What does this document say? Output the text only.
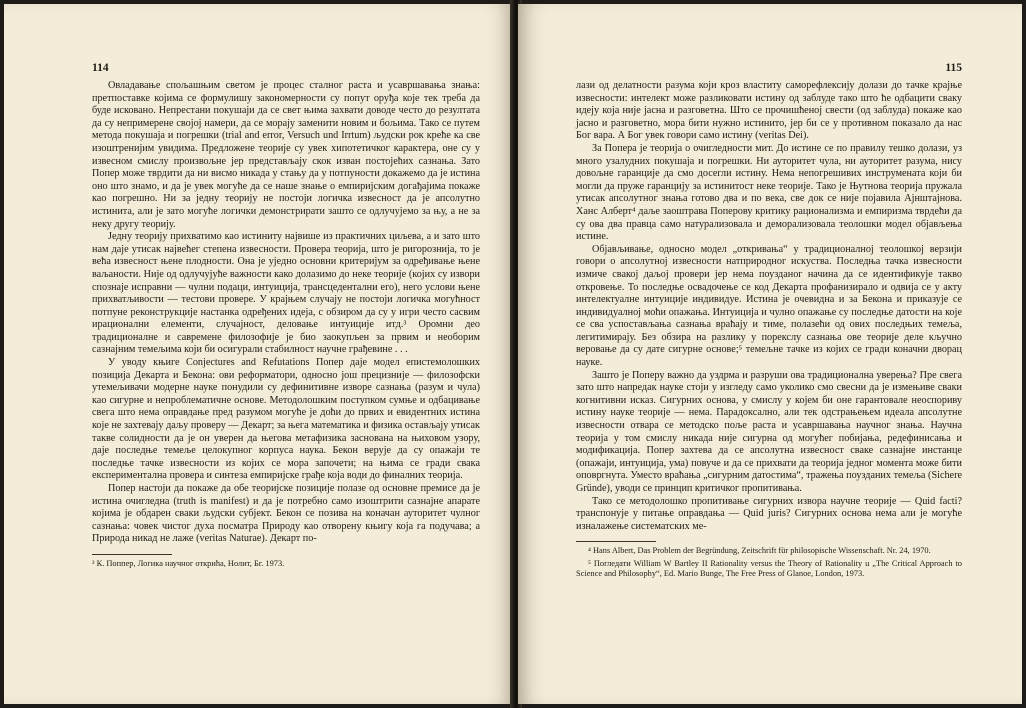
114

Овладавање спољашњим светом је процес сталног раста и усавршавања знања: претпоставке којима се формулишу закономерности су попут оруђа које тек треба да буде исковано. Непрестани покушаји да се свет њима захвати доводе често до резултата да су непримерене својој намери, да се морају заменити новим и бољима. Тако се путем метода покушаја и погрешки (trial and error, Versuch und Irrtum) људски рок креће ка све изоштренијим увидима. Предложене теорије су увек хипотетичког карактера, оне су у извесном смислу произвољне јер представљају скок изван постојећих сазнања. Зато Попер може тврдити да ни висмо никада у стању да у потпуности докажемо да је истина оно што знамо, и да је увек могуће да се наше знање о емпиријским догађајима покаже као погрешно. Ни за једну теорију не постоји логичка извесност да је апсолутно истинита, али је зато могуће логички демонстрирати зашто се одлучујемо за њу, а не за неку другу теорију.

Једну теорију прихватимо као истиниту највише из практичних циљева, а и зато што нам даје утисак највећег степена извесности. Провера теорија, што је ригорознија, то је већа извесност њене плодности. Она је уједно основни критеријум за одређивање њене ваљаности. Није од одлучујуће важности како долазимо до неке теорије (којих су извори спознаје исправни — чулни подаци, интуиција, трансцедентални его), него услови њене прихватљивости — тестови провере. У крајњем случају не постоји логичка могућност потпуне реконструкције настанка одређених идеја, с обзиром да су у игри често сасвим ирационални елементи, случајност, деловање интуиције итд.³ Оромни део традиционалне и савремене филозофије је био заокупљен за првим и необорим сазнајним темељима који би осигурали стабилност научне грађевине . . .

У уводу књиге Conjectures and Refutations Попер даје модел епистемолошких позиција Декарта и Бекона: ови реформатори, односно још прецизније — филозофски утемељивачи модерне науке понудили су дефинитивне изворе сазнања (разум и чула) као сигурне и непроблематичне основе. Методолошким поступком сумње и одбацивање свега што нема оправдање пред разумом могуће је доћи до првих и евидентних истина које не захтевају даљу проверу — Декарт; за њега математика и физика остављају утисак такве солидности да је он уверен да његова метафизика заснована на њиховом узору, даје последње темеље целокупног корпуса наука. Бекон верује да су опажаји те последње тачке извесности из којих се мора започети; на њима се гради свака експериментална провера и синтеза емпиријске грађе која води до финалних теорија.

Попер настоји да покаже да обе теоријске позиције полазе од основне премисе да је истина очигледна (truth is manifest) и да је потребно само изоштрити сазнајне апарате којима је обдарен сваки људски субјект. Бекон се позива на коначан ауторитет чулног сазнања: човек чистог духа посматра Природу као отворену књигу која га подучава; а Природа никад не лаже (veritas Naturae). Декарт по-

³ К. Поппер, Логика научног открића, Нолит, Бг. 1973.

115

лази од делатности разума који кроз властиту саморефлексију долази до тачке крајње извесности: интелект може разликовати истину од заблуде тако што ће одбацити сваку идеју која није јасна и разговетна. Што се прочишћеној свести (од заблуда) покаже као јасно и разговетно, мора бити нужно истинито, јер би се у противном показало да нас Бог вара. А Бог увек говори само истину (veritas Dei).

За Попера је теорија о очигледности мит. До истине се по правилу тешко долази, уз много узалудних покушаја и погрешки. Ни ауторитет чула, ни ауторитет разума, нису довољне гаранције да смо досегли истину. Нема непогрешивих инструмената који би могли да пруже гаранцију за истинитост неке теорије. Тако је Њутнова теорија пружала утисак апсолутног знања готово два и по века, све док се није појавила Ајнштајнова. Ханс Алберт⁴ даље заоштрава Поперову критику рационализма и емпиризма тврдећи да су ова два правца само натурализовала и деморализовала теолошки модел објављења истине.

Објављивање, односно модел „откривања“ у традиционалној теолошкој верзији говори о апсолутној извесности натприродног искуства. Последња тачка извесности измиче свакој даљој провери јер нема поузданог начина да се идентификује такво откровење. То последње освадочење се код Декарта профанизирало и одвија се у акту интелектуалне интуиције индивидуе. Истина је очевидна и за Бекона и приказује се индивидуалној моћи опажања. Интуиција и чулно опажање су последње датости на које се сва успостављања сазнања враћају и тиме, полазећи од ових последњих темеља, легитимирају. Без обзира на разлику у порекслу сазнања ове теорије деле кључно веровање да су дате сигурне основе;⁵ темељне тачке из којих се гради коначни дворац науке.

Зашто је Поперу важно да уздрма и разруши ова традиционална уверења? Пре свега зато што напредак науке стоји у изгледу само уколико смо свесни да је измењиве сваки когнитивни исказ. Сигурних основа, у смислу у којем би оне гарантовале неоспориву истину науке теорије — нема. Парадоксално, али тек одстрањењем идеала апсолутне извесности отвара се методско поље раста и усавршавања научног знања. Научна теорија у том смислу никада није сигурна од могућег побијања, редефинисања и модификација. Попер захтева да се апсолутна извесност сваке сазнајне инстанце (опажаји, интуиција, ума) повуче и да се прихвати да теорија једног момента може бити оповргнута. Уместо враћања „сигурним датостима“, тражења поузданих темеља (Sichere Gründe), уводи се принцип критичког пропитивања.

Тако се методолошко пропитивање сигурних извора научне теорије — Quid facti? транспонује у питање оправдања — Quid juris? Сигурних основа нема али је могуће изналажење систематских ме-

⁴ Hans Albert, Das Problem der Begründung, Zeitschrift für philosopische Wissenschaft. Nr. 24, 1970.

⁵ Погледати William W Bartley II Rationality versus the Theory of Rationality u „The Critical Approach to Science and Philosophy“, Ed. Mario Bunge, The Free Press of Glanoe, London, 1973.
